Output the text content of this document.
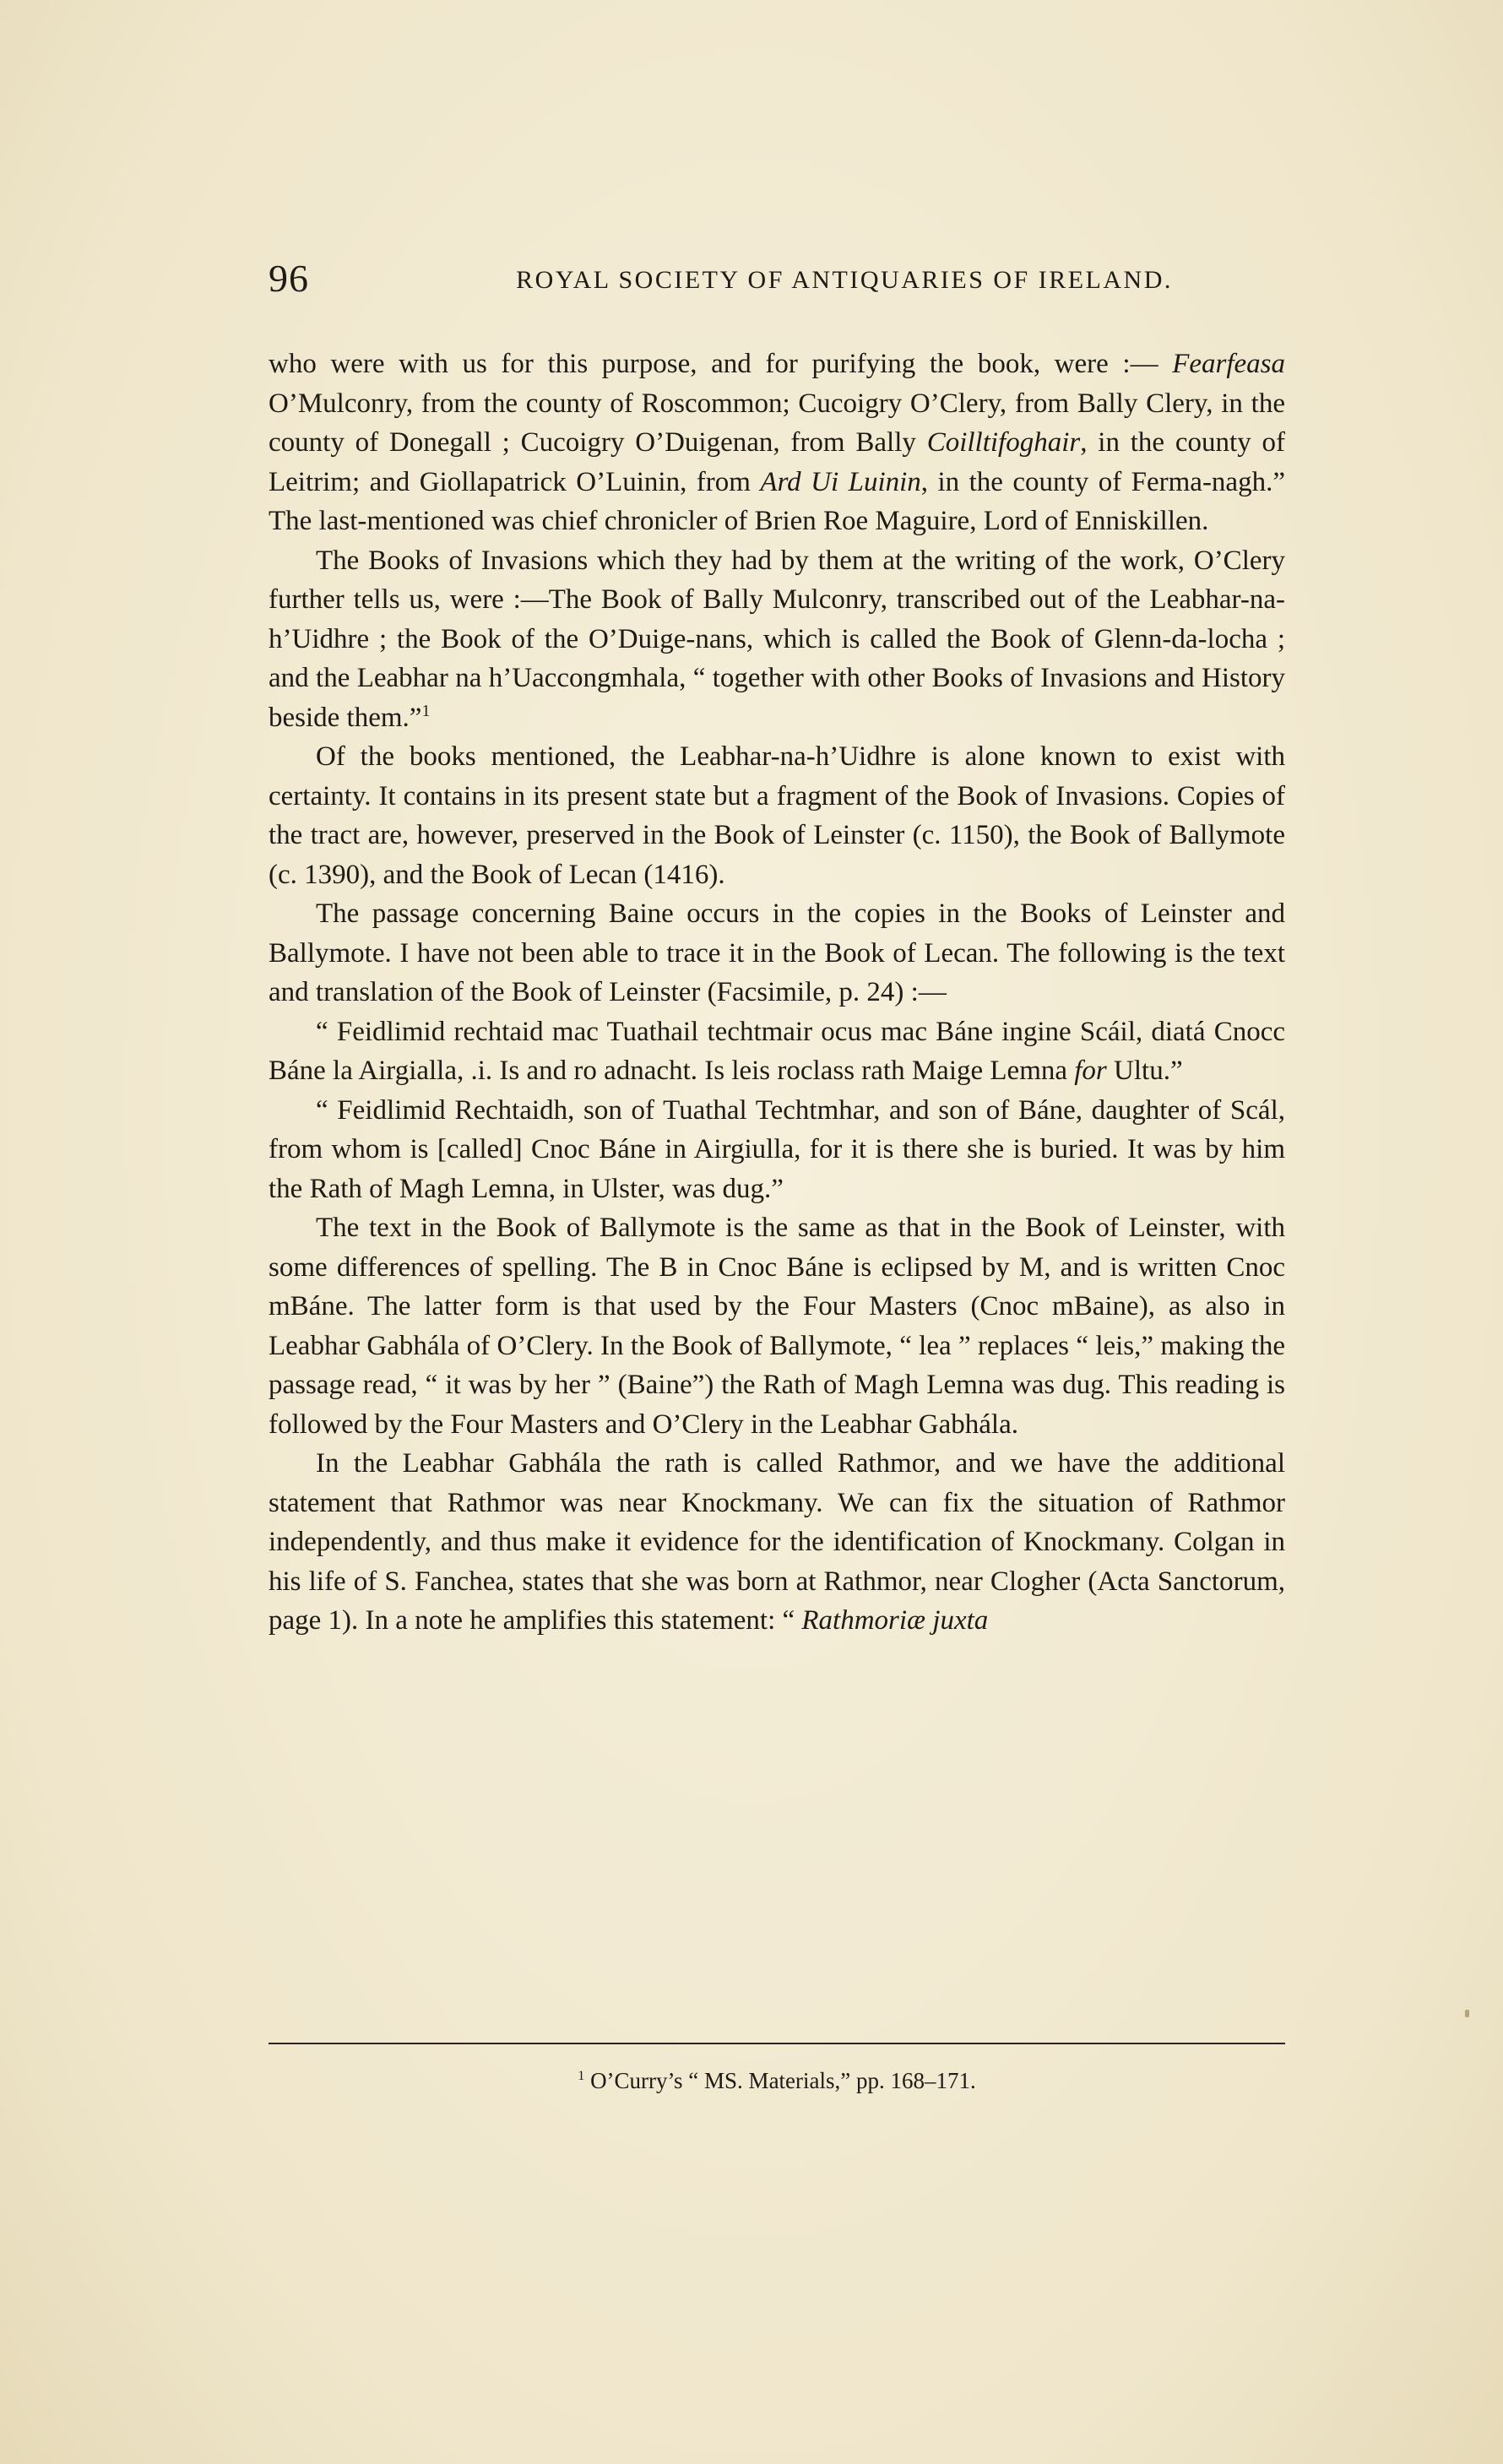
96	ROYAL SOCIETY OF ANTIQUARIES OF IRELAND.

who were with us for this purpose, and for purifying the book, were :— Fearfeasa O’Mulconry, from the county of Roscommon; Cucoigry O’Clery, from Bally Clery, in the county of Donegall ; Cucoigry O’Duigenan, from Bally Coilltifoghair, in the county of Leitrim; and Giollapatrick O’Luinin, from Ard Ui Luinin, in the county of Ferma-nagh.” The last-mentioned was chief chronicler of Brien Roe Maguire, Lord of Enniskillen.

The Books of Invasions which they had by them at the writing of the work, O’Clery further tells us, were :—The Book of Bally Mulconry, transcribed out of the Leabhar-na-h’Uidhre ; the Book of the O’Duige-nans, which is called the Book of Glenn-da-locha ; and the Leabhar na h’Uaccongmhala, “ together with other Books of Invasions and History beside them.”$^1$

Of the books mentioned, the Leabhar-na-h’Uidhre is alone known to exist with certainty. It contains in its present state but a fragment of the Book of Invasions. Copies of the tract are, however, preserved in the Book of Leinster (c. 1150), the Book of Ballymote (c. 1390), and the Book of Lecan (1416).

The passage concerning Baine occurs in the copies in the Books of Leinster and Ballymote. I have not been able to trace it in the Book of Lecan. The following is the text and translation of the Book of Leinster (Facsimile, p. 24) :—

“ Feidlimid rechtaid mac Tuathail techtmair ocus mac Báne ingine Scáil, diatá Cnocc Báne la Airgialla, .i. Is and ro adnacht. Is leis roclass rath Maige Lemna for Ultu.”

“ Feidlimid Rechtaidh, son of Tuathal Techtmhar, and son of Báne, daughter of Scál, from whom is [called] Cnoc Báne in Airgiulla, for it is there she is buried. It was by him the Rath of Magh Lemna, in Ulster, was dug.”

The text in the Book of Ballymote is the same as that in the Book of Leinster, with some differences of spelling. The B in Cnoc Báne is eclipsed by M, and is written Cnoc mBáne. The latter form is that used by the Four Masters (Cnoc mBaine), as also in Leabhar Gabhála of O’Clery. In the Book of Ballymote, “ lea ” replaces “ leis,” making the passage read, “ it was by her ” (Baine”) the Rath of Magh Lemna was dug. This reading is followed by the Four Masters and O’Clery in the Leabhar Gabhála.

In the Leabhar Gabhála the rath is called Rathmor, and we have the additional statement that Rathmor was near Knockmany. We can fix the situation of Rathmor independently, and thus make it evidence for the identification of Knockmany. Colgan in his life of S. Fanchea, states that she was born at Rathmor, near Clogher (Acta Sanctorum, page 1). In a note he amplifies this statement: “ Rathmoriæ juxta

$^1$ O’Curry’s “ MS. Materials,” pp. 168–171.
